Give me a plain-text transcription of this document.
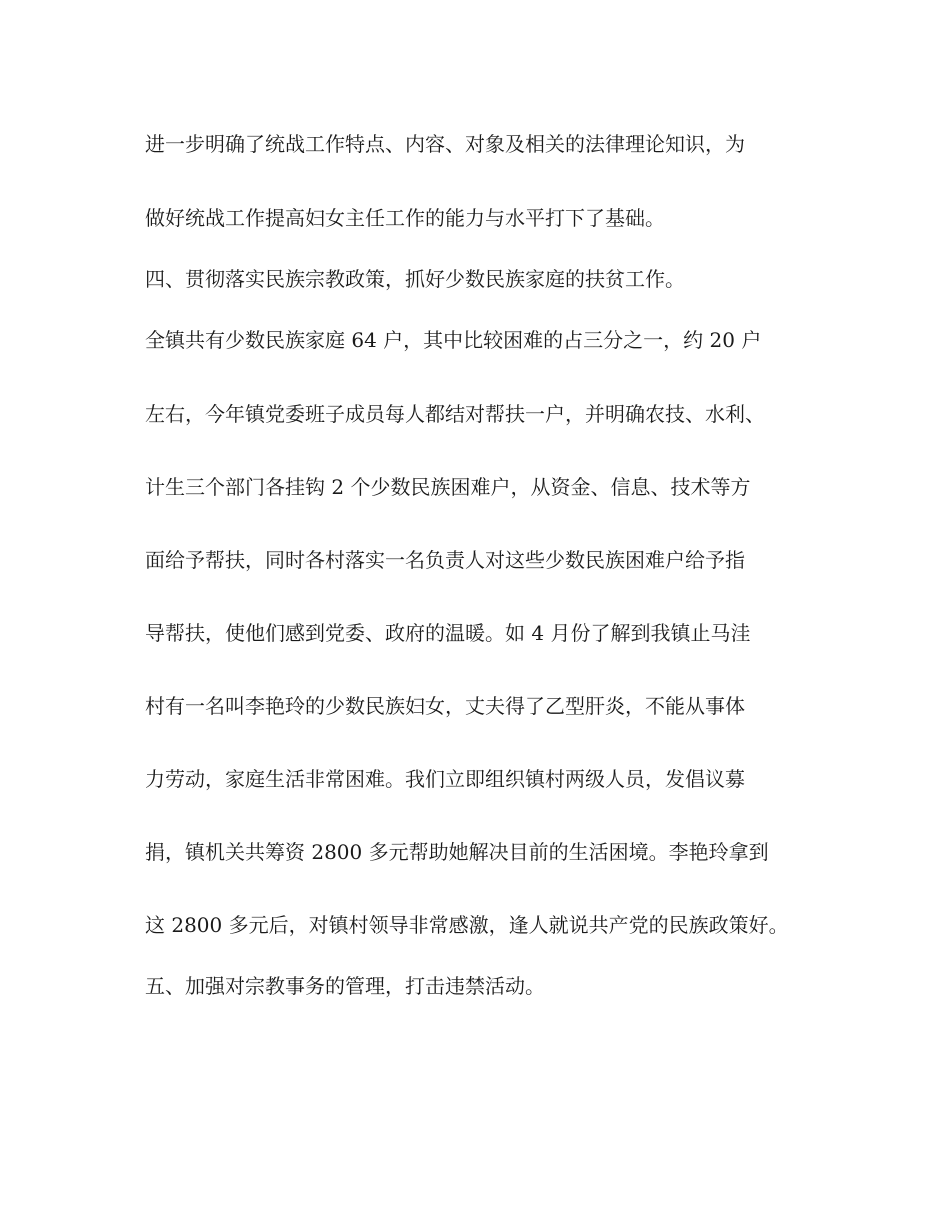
进一步明确了统战工作特点、内容、对象及相关的法律理论知识，为
做好统战工作提高妇女主任工作的能力与水平打下了基础。
四、贯彻落实民族宗教政策，抓好少数民族家庭的扶贫工作。
全镇共有少数民族家庭 64 户，其中比较困难的占三分之一，约 20 户
左右，今年镇党委班子成员每人都结对帮扶一户，并明确农技、水利、
计生三个部门各挂钩 2 个少数民族困难户，从资金、信息、技术等方
面给予帮扶，同时各村落实一名负责人对这些少数民族困难户给予指
导帮扶，使他们感到党委、政府的温暖。如 4 月份了解到我镇止马洼
村有一名叫李艳玲的少数民族妇女，丈夫得了乙型肝炎，不能从事体
力劳动，家庭生活非常困难。我们立即组织镇村两级人员，发倡议募
捐，镇机关共筹资 2800 多元帮助她解决目前的生活困境。李艳玲拿到
这 2800 多元后，对镇村领导非常感激，逢人就说共产党的民族政策好。
五、加强对宗教事务的管理，打击违禁活动。
